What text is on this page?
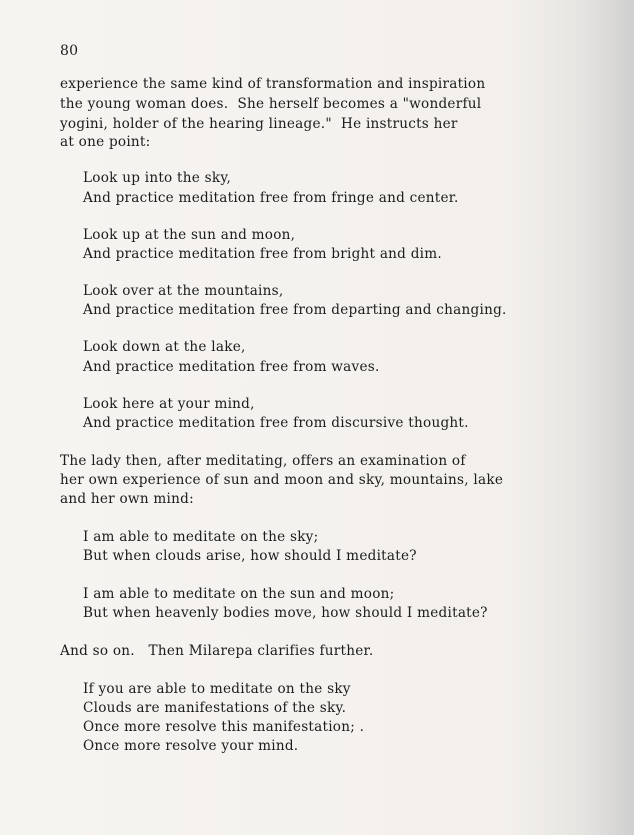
80
experience the same kind of transformation and inspiration
the young woman does.  She herself becomes a "wonderful
yogini, holder of the hearing lineage."  He instructs her
at one point:
Look up into the sky,
And practice meditation free from fringe and center.
Look up at the sun and moon,
And practice meditation free from bright and dim.
Look over at the mountains,
And practice meditation free from departing and changing.
Look down at the lake,
And practice meditation free from waves.
Look here at your mind,
And practice meditation free from discursive thought.
The lady then, after meditating, offers an examination of
her own experience of sun and moon and sky, mountains, lake
and her own mind:
I am able to meditate on the sky;
But when clouds arise, how should I meditate?
I am able to meditate on the sun and moon;
But when heavenly bodies move, how should I meditate?
And so on.   Then Milarepa clarifies further.
If you are able to meditate on the sky
Clouds are manifestations of the sky.
Once more resolve this manifestation; .
Once more resolve your mind.
